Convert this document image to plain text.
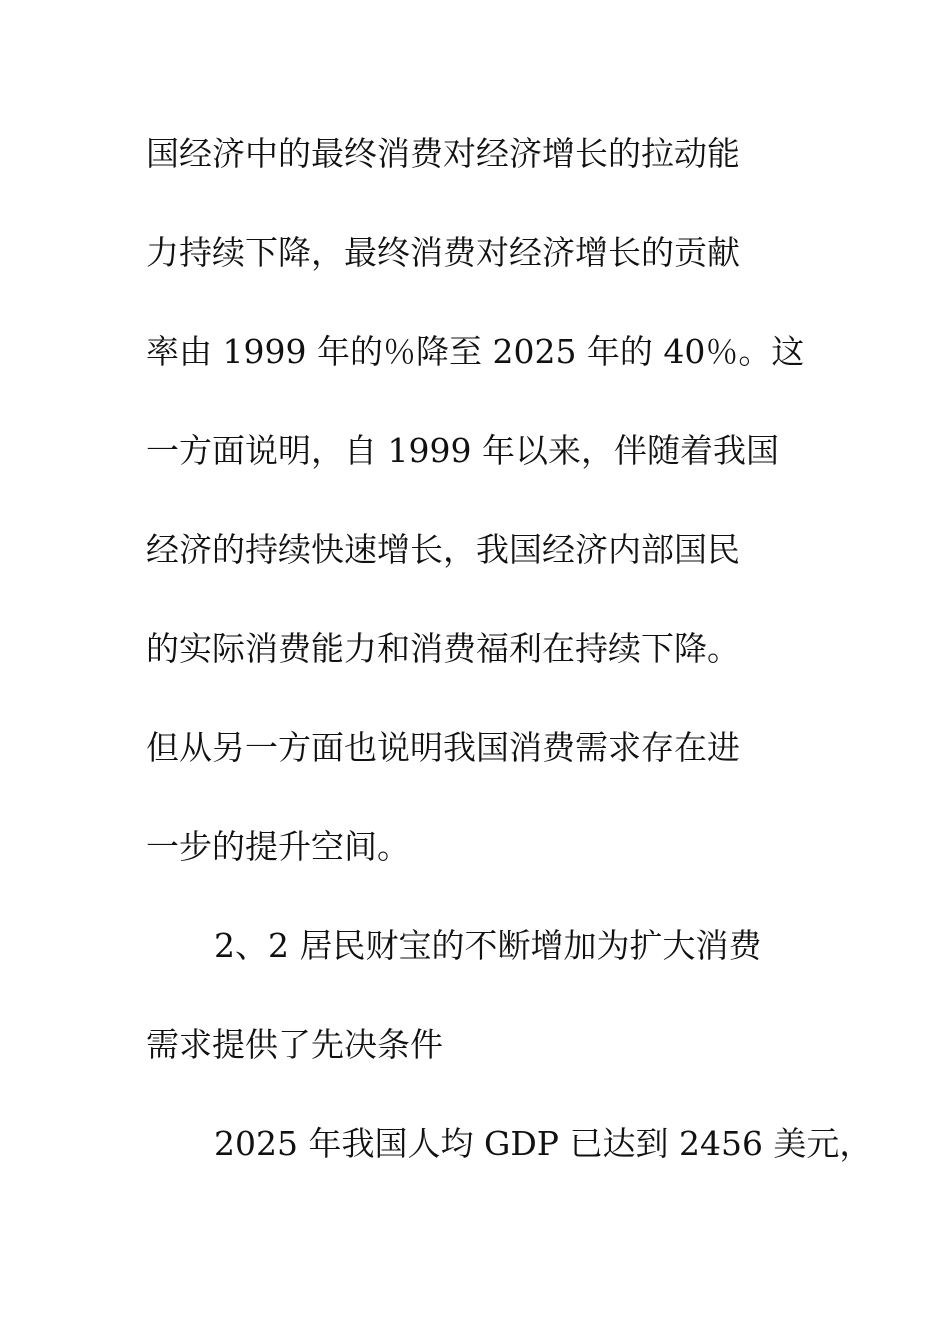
国经济中的最终消费对经济增长的拉动能
力持续下降，最终消费对经济增长的贡献
率由 1999 年的％降至 2025 年的 40％。这
一方面说明，自 1999 年以来，伴随着我国
经济的持续快速增长，我国经济内部国民
的实际消费能力和消费福利在持续下降。
但从另一方面也说明我国消费需求存在进
一步的提升空间。
2、2 居民财宝的不断增加为扩大消费
需求提供了先决条件
2025 年我国人均 GDP 已达到 2456 美元，
